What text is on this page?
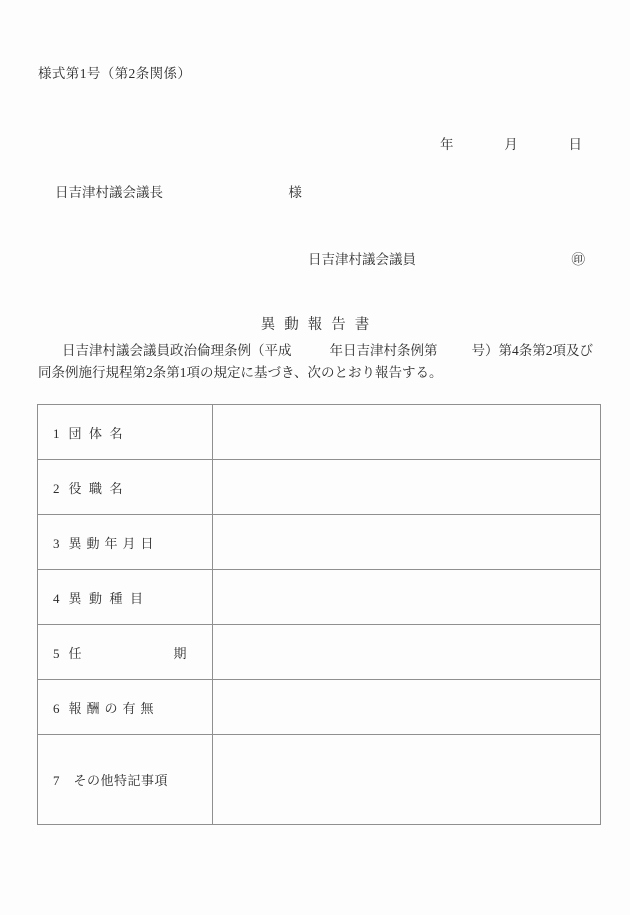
様式第1号（第2条関係）
年	月	日
日吉津村議会議長	様
日吉津村議会議員	㊞
異動報告書
日吉津村議会議員政治倫理条例（平成	年日吉津村条例第	号）第4条第2項及び
同条例施行規程第2条第1項の規定に基づき、次のとおり報告する。
1 団体名	
2 役職名	
3 異動年月日	
4 異動種目	
5 任 期	

6 報酬の有無	
7 その他特記事項	
